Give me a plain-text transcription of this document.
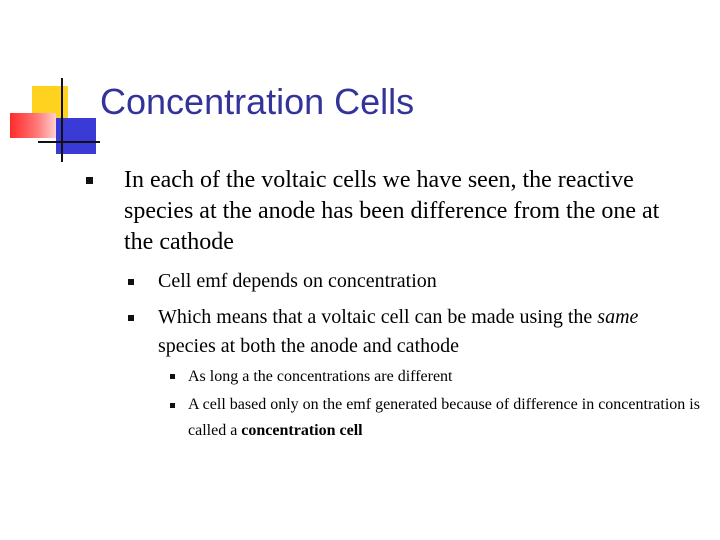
Concentration Cells
In each of the voltaic cells we have seen, the reactive species at the anode has been difference from the one at the cathode
Cell emf depends on concentration
Which means that a voltaic cell can be made using the same species at both the anode and cathode
As long a the concentrations are different
A cell based only on the emf generated because of difference in concentration is called a concentration cell
